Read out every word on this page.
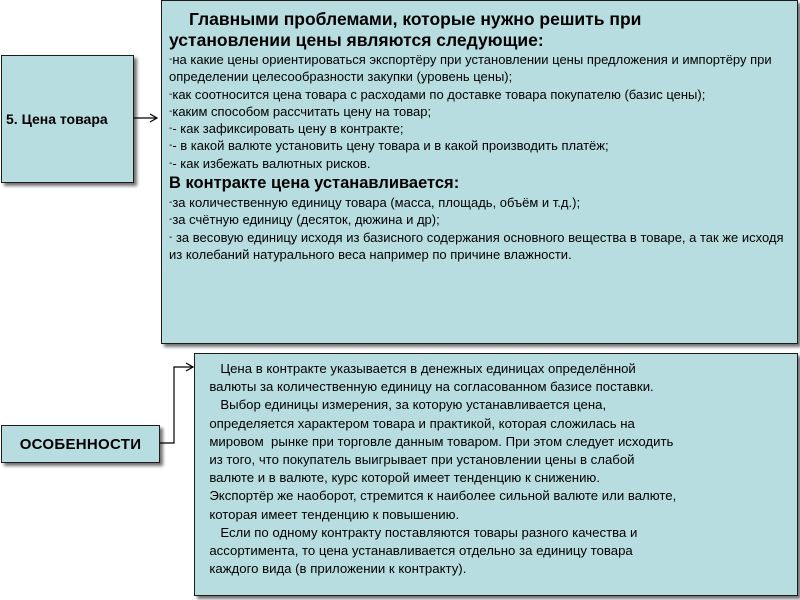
5. Цена товара
ОСОБЕННОСТИ
Главными проблемами, которые нужно решить при
установлении цены являются следующие:
-на какие цены ориентироваться экспортёру при установлении цены предложения и импортёру при определении целесообразности закупки (уровень цены);
-как соотносится цена товара с расходами по доставке товара покупателю (базис цены);
-каким способом рассчитать цену на товар;
-- как зафиксировать цену в контракте;
-- в какой валюте установить цену товара и в какой производить платёж;
-- как избежать валютных рисков.
В контракте цена устанавливается:
-за количественную единицу товара (масса, площадь, объём и т.д.);
-за счётную единицу (десяток, дюжина и др);
- за весовую единицу исходя из базисного содержания основного вещества в товаре, а так же исходя из колебаний натурального веса например по причине влажности.
Цена в контракте указывается в денежных единицах определённой
валюты за количественную единицу на согласованном базисе поставки.
Выбор единицы измерения, за которую устанавливается цена,
определяется характером товара и практикой, которая сложилась на
мировом  рынке при торговле данным товаром. При этом следует исходить
из того, что покупатель выигрывает при установлении цены в слабой
валюте и в валюте, курс которой имеет тенденцию к снижению.
Экспортёр же наоборот, стремится к наиболее сильной валюте или валюте,
которая имеет тенденцию к повышению.
Если по одному контракту поставляются товары разного качества и
ассортимента, то цена устанавливается отдельно за единицу товара
каждого вида (в приложении к контракту).
